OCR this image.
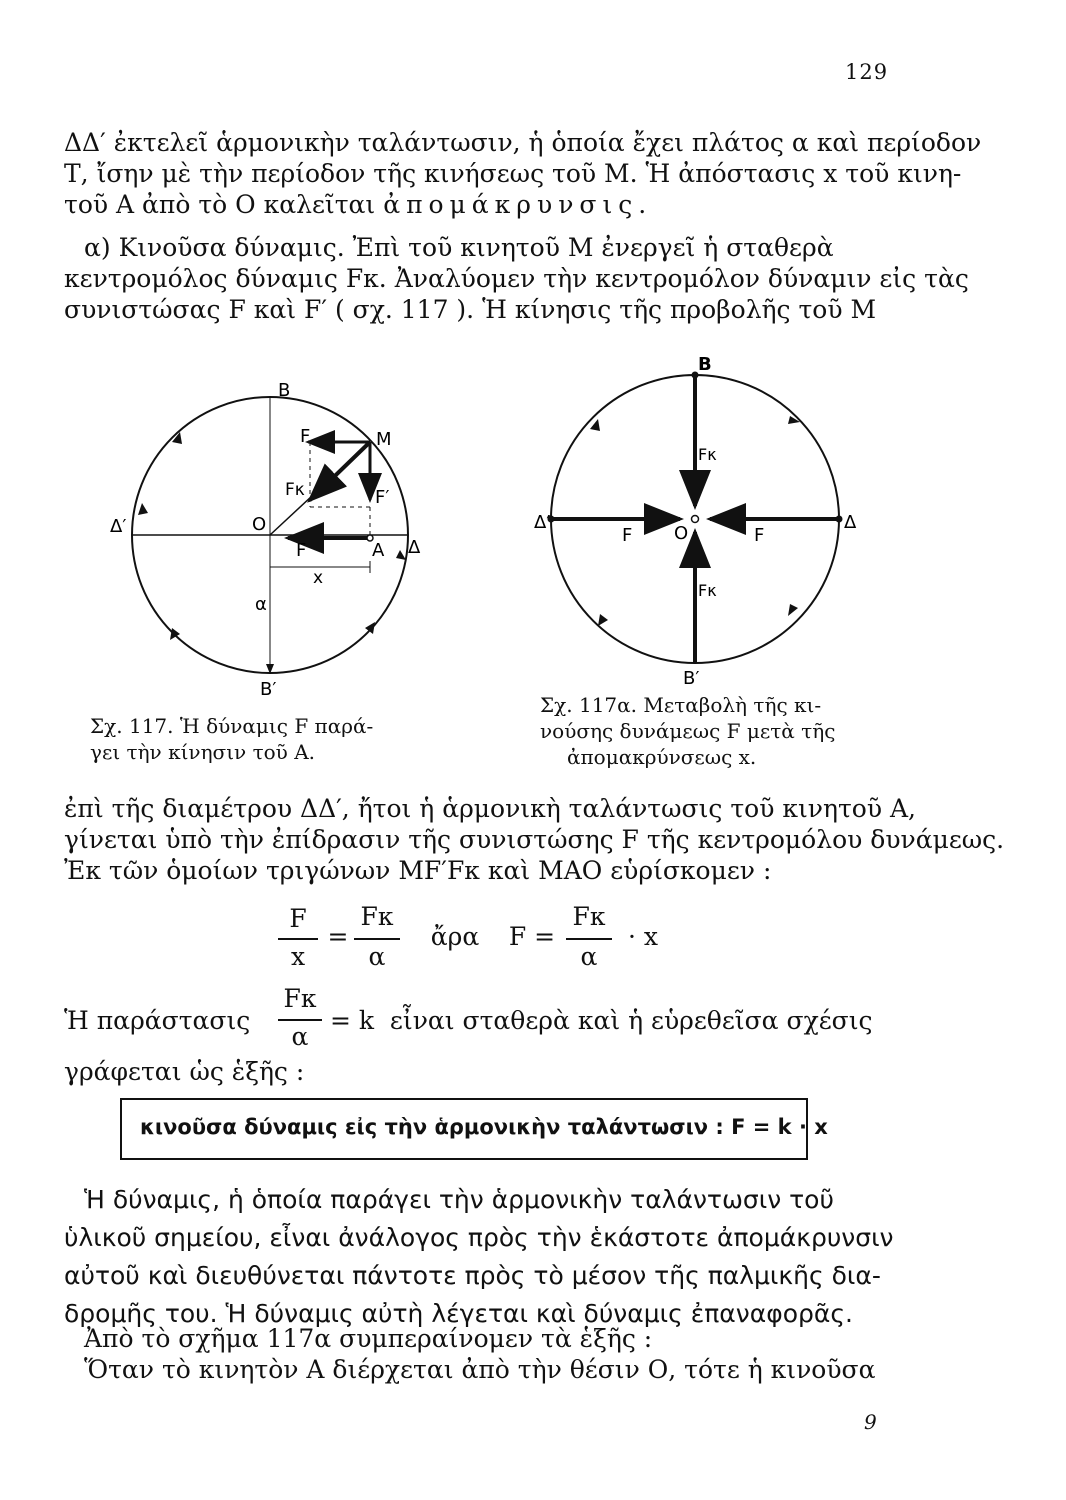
129
ΔΔ′ ἐκτελεῖ ἁρμονικὴν ταλάντωσιν, ἡ ὁποία ἔχει πλάτος α καὶ περίοδον
Τ, ἴσην μὲ τὴν περίοδον τῆς κινήσεως τοῦ Μ. Ἡ ἀπόστασις x τοῦ κινη-
τοῦ Α ἀπὸ τὸ Ο καλεῖται ἀπομάκρυνσις.
α) Κινοῦσα δύναμις. Ἐπὶ τοῦ κινητοῦ Μ ἐνεργεῖ ἡ σταθερὰ
κεντρομόλος δύναμις Fκ. Ἀναλύομεν τὴν κεντρομόλον δύναμιν εἰς τὰς
συνιστώσας F καὶ F′ ( σχ. 117 ). Ἡ κίνησις τῆς προβολῆς τοῦ Μ
B
B′
Δ′
Δ
O
M
A
F
F
F′
Fκ
x
α
Σχ. 117. Ἡ δύναμις F παρά-
γει τὴν κίνησιν τοῦ Α.
B
B′
Δ′	Δ
O
F	F
Fκ
Fκ
Σχ. 117α. Μεταβολὴ τῆς κι-
νούσης δυνάμεως F μετὰ τῆς
ἀπομακρύνσεως x.
ἐπὶ τῆς διαμέτρου ΔΔ′, ἤτοι ἡ ἁρμονικὴ ταλάντωσις τοῦ κινητοῦ Α,
γίνεται ὑπὸ τὴν ἐπίδρασιν τῆς συνιστώσης F τῆς κεντρομόλου δυνάμεως.
Ἐκ τῶν ὁμοίων τριγώνων MF′Fκ καὶ ΜΑΟ εὑρίσκομεν :
F
x
=
Fκ
α
ἄρα	F =
Fκ
α
· x
Ἡ παράστασις
Fκ
α
= k  εἶναι σταθερὰ καὶ ἡ εὑρεθεῖσα σχέσις
γράφεται ὡς ἑξῆς :
κινοῦσα δύναμις εἰς τὴν ἁρμονικὴν ταλάντωσιν : F = k · x
Ἡ δύναμις, ἡ ὁποία παράγει τὴν ἁρμονικὴν ταλάντωσιν τοῦ
ὑλικοῦ σημείου, εἶναι ἀνάλογος πρὸς τὴν ἑκάστοτε ἀπομάκρυνσιν
αὐτοῦ καὶ διευθύνεται πάντοτε πρὸς τὸ μέσον τῆς παλμικῆς δια-
δρομῆς του. Ἡ δύναμις αὐτὴ λέγεται καὶ δύναμις ἐπαναφορᾶς.
Ἀπὸ τὸ σχῆμα 117α συμπεραίνομεν τὰ ἑξῆς :
Ὅταν τὸ κινητὸν Α διέρχεται ἀπὸ τὴν θέσιν Ο, τότε ἡ κινοῦσα
9
